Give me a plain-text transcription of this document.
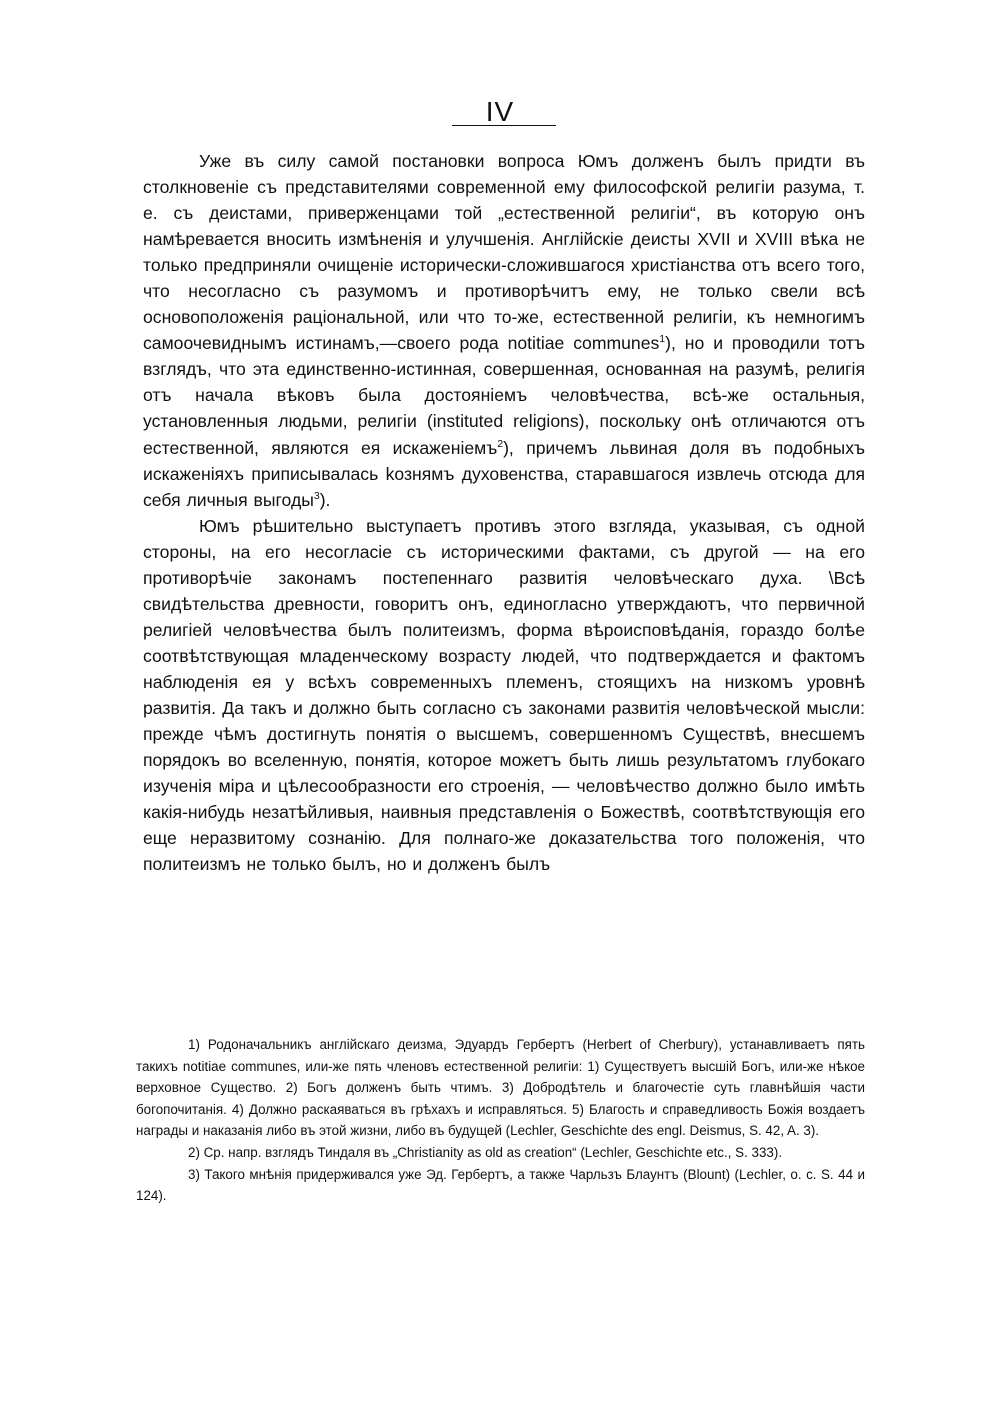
IV

Уже въ силу самой постановки вопроса Юмъ долженъ былъ придти въ столкновеніе съ представителями современной ему философской религіи разума, т. е. съ деистами, приверженцами той „естественной религіи“, въ которую онъ намѣревается вносить измѣненія и улучшенія. Англійскіе деисты XVII и XVIII вѣка не только предприняли очищеніе исторически-сложившагося христіанства отъ всего того, что несогласно съ разумомъ и противорѣчитъ ему, не только свели всѣ основоположенія раціональной, или что то-же, естественной религіи, къ немногимъ самоочевиднымъ истинамъ,—своего рода notitiae communes$^1$), но и проводили тотъ взглядъ, что эта единственно-истинная, совершенная, основанная на разумѣ, религія отъ начала вѣковъ была достояніемъ человѣчества, всѣ-же остальныя, установленныя людьми, религіи (instituted religions), поскольку онѣ отличаются отъ естественной, являются ея искаженіемъ$^2$), причемъ львиная доля въ подобныхъ искаженіяхъ приписывалась kознямъ духовенства, старавшагося извлечь отсюда для себя личныя выгоды$^3$).

Юмъ рѣшительно выступаетъ противъ этого взгляда, указывая, съ одной стороны, на его несогласіе съ историческими фактами, съ другой — на его противорѣчіе законамъ постепеннаго развитія человѣческаго духа. \Всѣ свидѣтельства древности, говоритъ онъ, единогласно утверждаютъ, что первичной религіей человѣчества былъ политеизмъ, форма вѣроисповѣданія, гораздо болѣе соотвѣтствующая младенческому возрасту людей, что подтверждается и фактомъ наблюденія ея у всѣхъ современныхъ племенъ, стоящихъ на низкомъ уровнѣ развитія. Да такъ и должно быть согласно съ законами развитія человѣческой мысли: прежде чѣмъ достигнуть понятія о высшемъ, совершенномъ Существѣ, внесшемъ порядокъ во вселенную, понятія, которое можетъ быть лишь результатомъ глубокаго изученія міра и цѣлесообразности его строенія, — человѣчество должно было имѣть какія-нибудь незатѣйливыя, наивныя представленія о Божествѣ, соотвѣтствующія его еще неразвитому сознанію. Для полнаго-же доказательства того положенія, что политеизмъ не только былъ, но и долженъ былъ

1) Родоначальникъ англійскаго деизма, Эдуардъ Гербертъ (Herbert of Cherbury), устанавливаетъ пять такихъ notitiae communes, или-же пять членовъ естественной религіи: 1) Существуетъ высшій Богъ, или-же нѣкое верховное Существо. 2) Богъ долженъ быть чтимъ. 3) Добродѣтель и благочестіе суть главнѣйшія части богопочитанія. 4) Должно раскаяваться въ грѣхахъ и исправляться. 5) Благость и справедливость Божія воздаетъ награды и наказанія либо въ этой жизни, либо въ будущей (Lechler, Geschichte des engl. Deismus, S. 42, A. 3).

2) Ср. напр. взглядъ Тиндаля въ „Christianity as old as creation“ (Lechler, Geschichte etc., S. 333).

3) Такого мнѣнія придерживался уже Эд. Гербертъ, а также Чарльзъ Блаунтъ (Blount) (Lechler, o. c. S. 44 и 124).
